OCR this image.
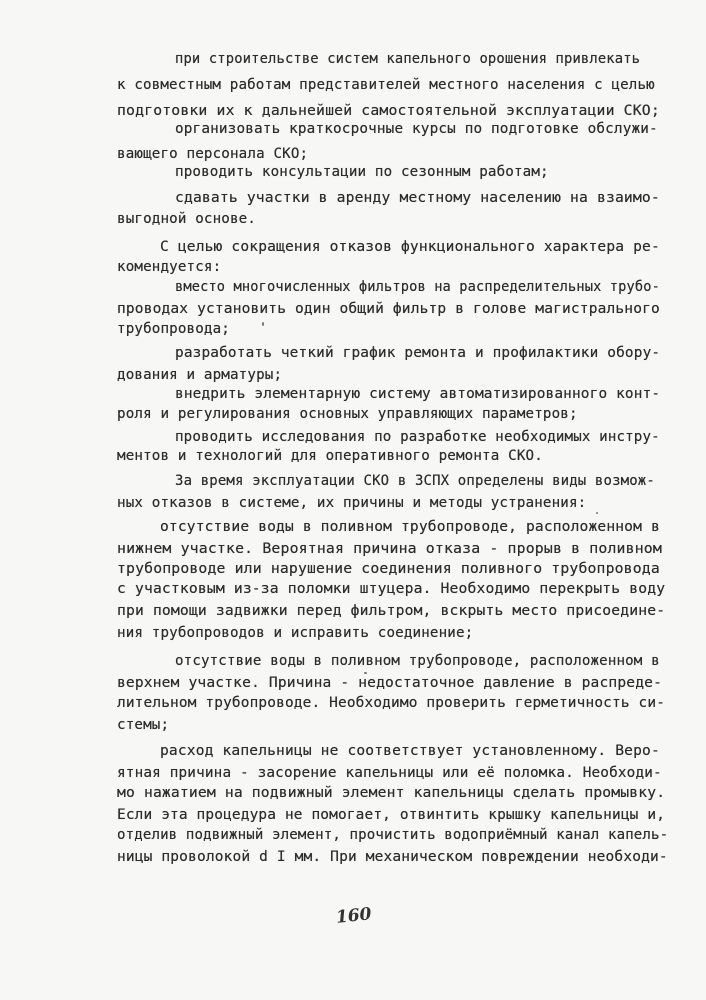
при строительстве систем капельного орошения привлекать
к совместным работам представителей местного населения с целью
подготовки их к дальнейшей самостоятельной эксплуатации СКО;
организовать краткосрочные курсы по подготовке обслужи-
вающего персонала СКО;
проводить консультации по сезонным работам;
сдавать участки в аренду местному населению на взаимо-
выгодной основе.
С целью сокращения отказов функционального характера ре-
комендуется:
вместо многочисленных фильтров на распределительных трубо-
проводах установить один общий фильтр в голове магистрального
трубопровода;
разработать четкий график ремонта и профилактики обору-
дования и арматуры;
внедрить элементарную систему автоматизированного конт-
роля и регулирования основных управляющих параметров;
проводить исследования по разработке необходимых инстру-
ментов и технологий для оперативного ремонта СКО.
За время эксплуатации СКО в ЗСПХ определены виды возмож-
ных отказов в системе, их причины и методы устранения:
отсутствие воды в поливном трубопроводе, расположенном в
нижнем участке. Вероятная причина отказа - прорыв в поливном
трубопроводе или нарушение соединения поливного трубопровода
с участковым из-за поломки штуцера. Необходимо перекрыть воду
при помощи задвижки перед фильтром, вскрыть место присоедине-
ния трубопроводов и исправить соединение;
отсутствие воды в поливном трубопроводе, расположенном в
верхнем участке. Причина - недостаточное давление в распреде-
лительном трубопроводе. Необходимо проверить герметичность си-
стемы;
расход капельницы не соответствует установленному. Веро-
ятная причина - засорение капельницы или её поломка. Необходи-
мо нажатием на подвижный элемент капельницы сделать промывку.
Если эта процедура не помогает, отвинтить крышку капельницы и,
отделив подвижный элемент, прочистить водоприёмный канал капель-
ницы проволокой d I мм. При механическом повреждении необходи-
160
